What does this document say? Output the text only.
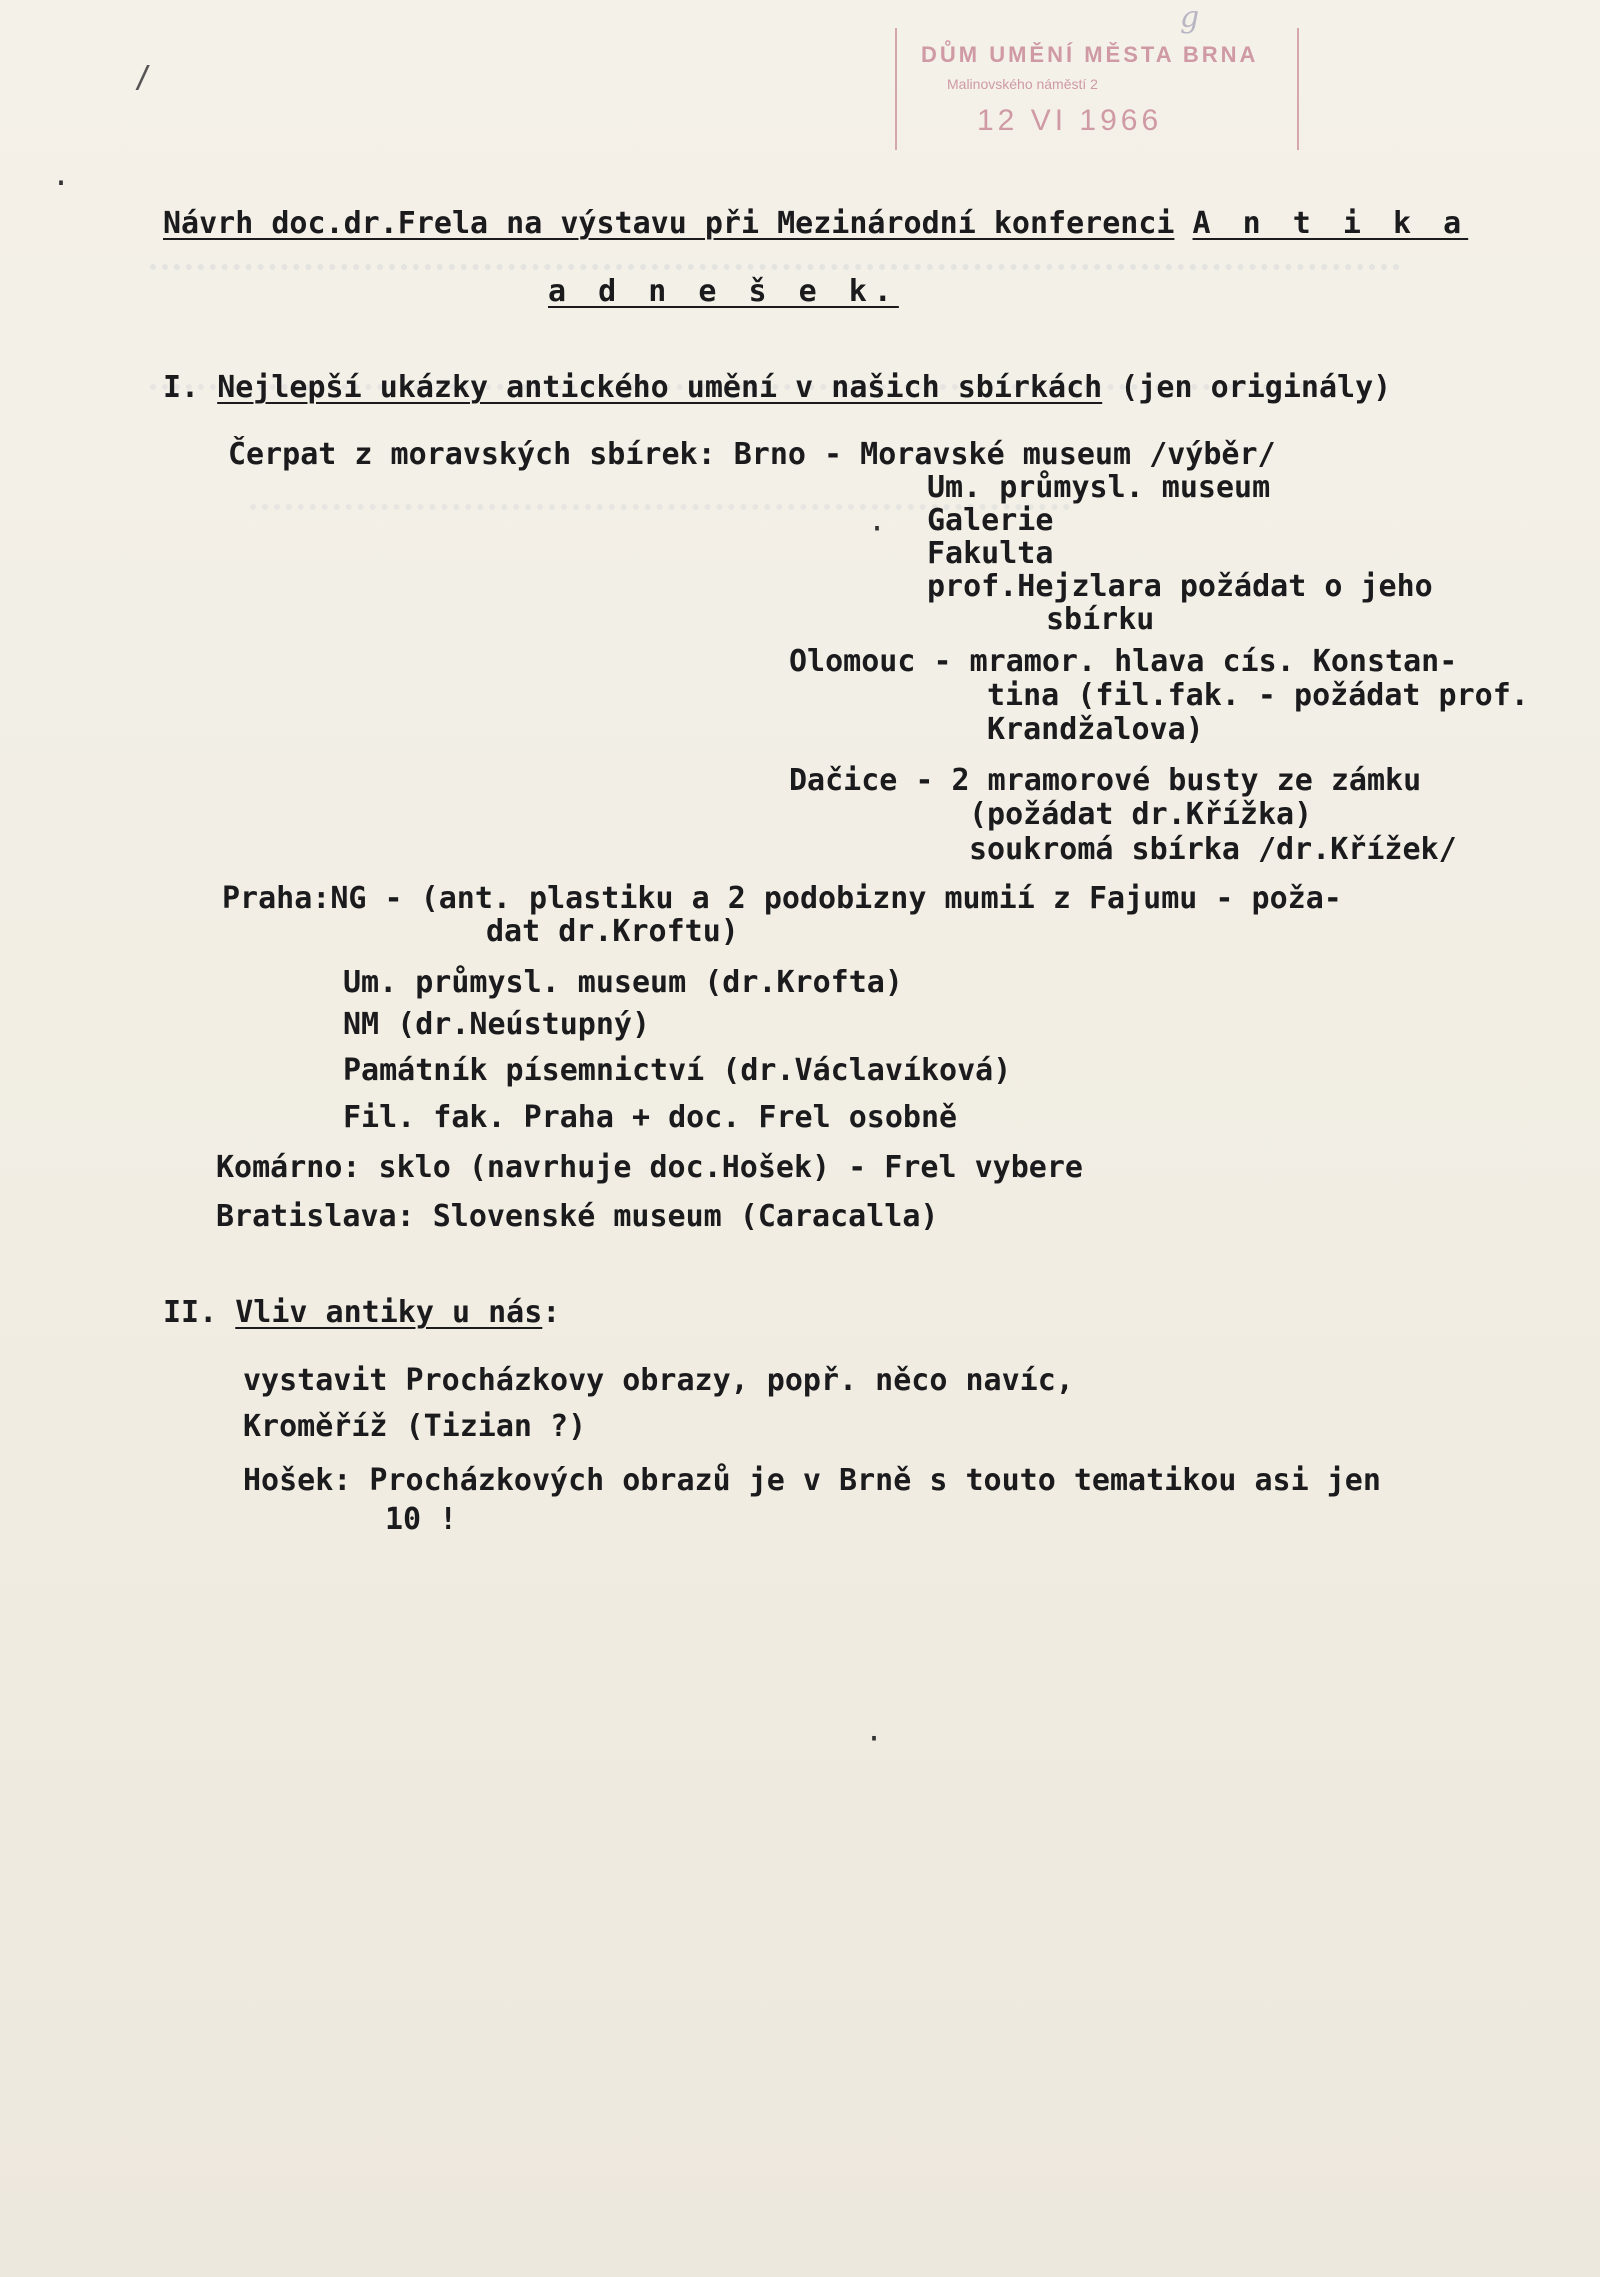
g
DŮM UMĚNÍ MĚSTA BRNA
Malinovského náměstí 2
12 VI 1966
/
.
Návrh doc.dr.Frela na výstavu při Mezinárodní konferenci A n t i k a
a d n e š e k.
I. Nejlepší ukázky antického umění v našich sbírkách (jen originály)
Čerpat z moravských sbírek: Brno - Moravské museum /výběr/
Um. průmysl. museum
Galerie
Fakulta
prof.Hejzlara požádat o jeho
sbírku
Olomouc - mramor. hlava cís. Konstan-
tina (fil.fak. - požádat prof.
Krandžalova)
Dačice - 2 mramorové busty ze zámku
(požádat dr.Křížka)
soukromá sbírka /dr.Křížek/
Praha:NG - (ant. plastiku a 2 podobizny mumií z Fajumu - poža-
dat dr.Kroftu)
Um. průmysl. museum (dr.Krofta)
NM (dr.Neústupný)
Památník písemnictví (dr.Václavíková)
Fil. fak. Praha + doc. Frel osobně
Komárno: sklo (navrhuje doc.Hošek) - Frel vybere
Bratislava: Slovenské museum (Caracalla)
II. Vliv antiky u nás:
vystavit Procházkovy obrazy, popř. něco navíc,
Kroměříž (Tizian ?)
Hošek: Procházkových obrazů je v Brně s touto tematikou asi jen
10 !
·
·
